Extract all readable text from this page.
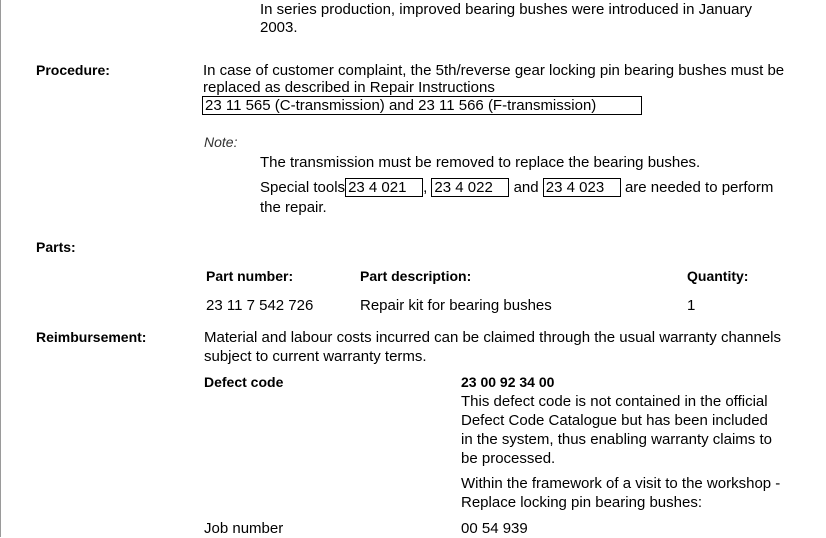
In series production, improved bearing bushes were introduced in January
2003.
Procedure:	In case of customer complaint, the 5th/reverse gear locking pin bearing bushes must be
replaced as described in Repair Instructions
23 11 565 (C-transmission) and 23 11 566 (F-transmission)
Note:
The transmission must be removed to replace the bearing bushes.
Special tools 23 4 021 , 23 4 022 and 23 4 023 are needed to perform
the repair.
Parts:
Part number:	Part description:	Quantity:
23 11 7 542 726	Repair kit for bearing bushes	1
Reimbursement:	Material and labour costs incurred can be claimed through the usual warranty channels
subject to current warranty terms.
Defect code	23 00 92 34 00
This defect code is not contained in the official
Defect Code Catalogue but has been included
in the system, thus enabling warranty claims to
be processed.
Within the framework of a visit to the workshop -
Replace locking pin bearing bushes:
Job number	00 54 939
